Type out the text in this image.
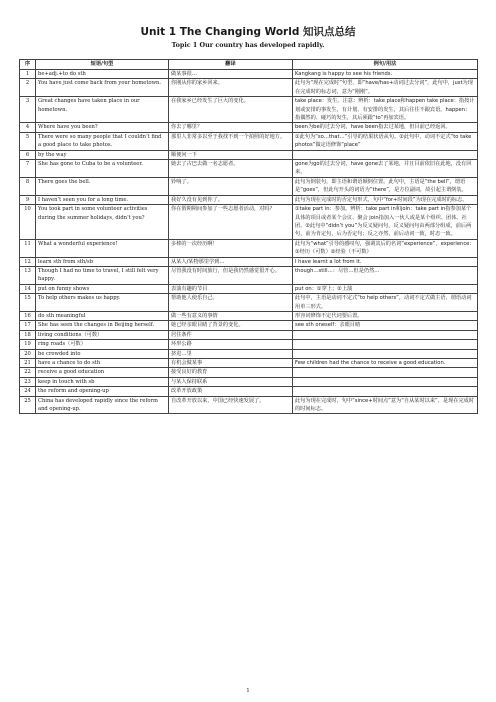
Unit 1 The Changing World 知识点总结
Topic 1 Our country has developed rapidly.
序	短语/句型	翻译	例句/用法
1	be+adj.+to do sth	做某事很…	Kangkang is happy to see his friends.
2	You have just come back from your hometown.	你刚从你的家乡回来。	此句为“现在完成时”句型，即“have/has+动词过去分词”，此句中，just为现在完成时的标志词，意为“刚刚”。
3	Great changes have taken place in our hometown.	在我家乡已经发生了巨大的变化。	take place：发生。注意：辨析：take place和happen take place：指按计划或安排的事发生，有计划、有安排的发生，其后往往不跟宾语。happen：指偶然的、碰巧的发生，其后须跟“to”再加宾语。
4	Where have you been?	你去了哪里？	been为be的过去分词，have been指去过某地，但目前已经返回。
5	There were so many people that I couldn’t find a good place to take photos.	那里人非常多以至于我找不到一个拍照的好地方。	①此句为“so…that…”引导的结果状语从句。②此句中，动词不定式“to take photos”做定语修饰“place”
6	by the way	顺便问一下	
7	She has gone to Cuba to be a volunteer.	她去了古巴去做一名志愿者。	gone为go的过去分词，have gone去了某地，并且目前依旧在此地，没有回来。
8	There goes the bell.	铃响了。	此句为倒装句，即主语和谓语颠倒位置。此句中，主语是“the bell”，谓语是“goes”，但此句开头的词语为“there”，是方位副词，故引起主谓倒装。
9	I haven’t seen you for a long time.	我好久没有见到你了。	此句为现在完成时的否定句形式，句中“for+时间段”为现在完成时的标志。
10	You took part in some volunteer activities during the summer holidays, didn’t you?	你在假期期间参加了一些志愿者活动，对吗？	①take part in：参加。辨析：take part in和join：take part in指参加某个具体的项目或者某个会议、聚会 join指加入一伙人或是某个组织、团体、社团。②此句中“didn’t you”为反义疑问句，反义疑问句由两部分组成，前后两句，前为肯定句，后为否定句；反之亦然，前后动词一致，时态一致。
11	What a wonderful experience!	多棒的一次经历啊！	此句为“what”引导的感叹句，强调其后的名词“experience”，experience：①经历（可数）②经验（不可数）
12	learn sth from sth/sb	从某人/某物那里学到…	I have learnt a lot from it.
13	Though I had no time to travel, I still felt very happy.	尽管我没有时间旅行，但是我仍然感觉很开心。	though…still…：尽管…但是仍然…
14	put on funny shows	表演有趣的节目	put on：①穿上；②上演
15	To help others makes us happy.	帮助他人使乐自己。	此句中，主语是动词不定式“to help others”，动词不定式做主语，谓语动词用单三形式。
16	do sth meaningful	做一些有意义的事情	形容词修饰不定代词要后置。
17	She has seen the changes in Beijing herself.	她已经亲眼目睹了背景的变化。	see sth oneself：亲眼目睹
18	living conditions（可数）	居住条件	
19	ring roads（可数）	环形公路	
20	be crowded into	挤进…里	
21	have a chance to do sth	有机会做某事	Few children had the chance to receive a good education.
22	receive a good education	接受良好的教育	
23	keep in touch with sb	与某人保持联系	
24	the reform and opening-up	改革开放政策	
25	China has developed rapidly since the reform and opening-up.	自改革开放以来，中国已经快速发展了。	此句为现在完成时，句中“since+时间点”意为“自从某时以来”，是现在完成时的时间标志。
1
